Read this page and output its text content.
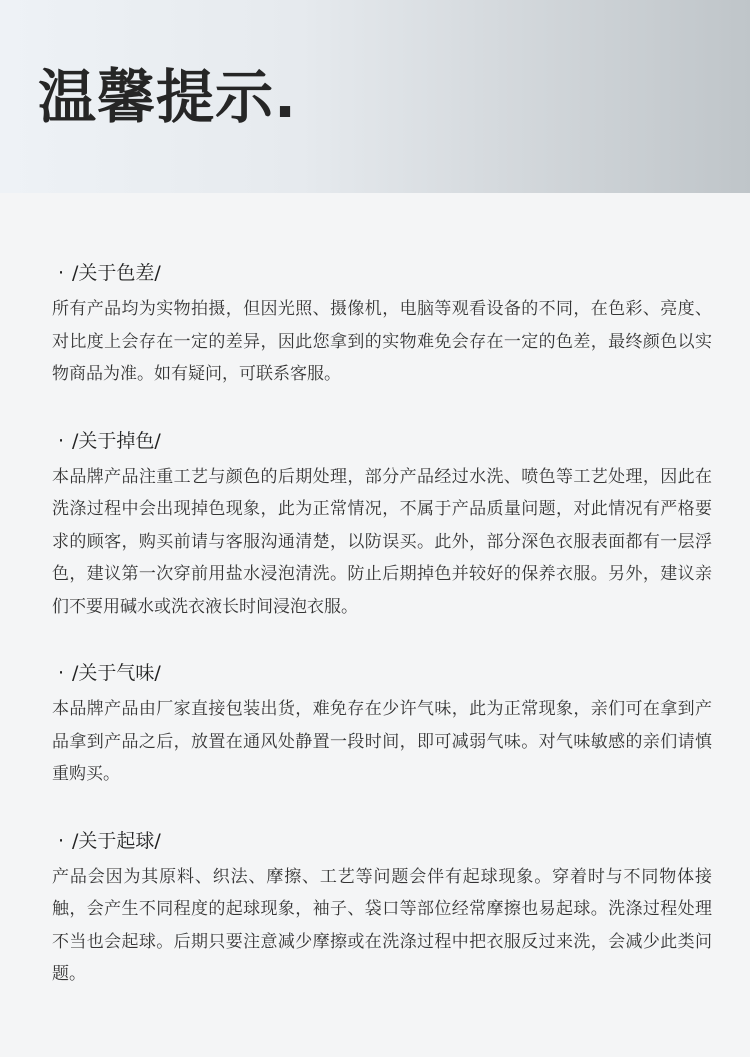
温馨提示.
· /关于色差/
所有产品均为实物拍摄，但因光照、摄像机，电脑等观看设备的不同，在色彩、亮度、对比度上会存在一定的差异，因此您拿到的实物难免会存在一定的色差，最终颜色以实物商品为准。如有疑问，可联系客服。
· /关于掉色/
本品牌产品注重工艺与颜色的后期处理，部分产品经过水洗、喷色等工艺处理，因此在洗涤过程中会出现掉色现象，此为正常情况，不属于产品质量问题，对此情况有严格要求的顾客，购买前请与客服沟通清楚，以防误买。此外，部分深色衣服表面都有一层浮色，建议第一次穿前用盐水浸泡清洗。防止后期掉色并较好的保养衣服。另外，建议亲们不要用碱水或洗衣液长时间浸泡衣服。
· /关于气味/
本品牌产品由厂家直接包装出货，难免存在少许气味，此为正常现象，亲们可在拿到产品拿到产品之后，放置在通风处静置一段时间，即可减弱气味。对气味敏感的亲们请慎重购买。
· /关于起球/
产品会因为其原料、织法、摩擦、工艺等问题会伴有起球现象。穿着时与不同物体接触，会产生不同程度的起球现象，袖子、袋口等部位经常摩擦也易起球。洗涤过程处理不当也会起球。后期只要注意减少摩擦或在洗涤过程中把衣服反过来洗，会减少此类问题。
